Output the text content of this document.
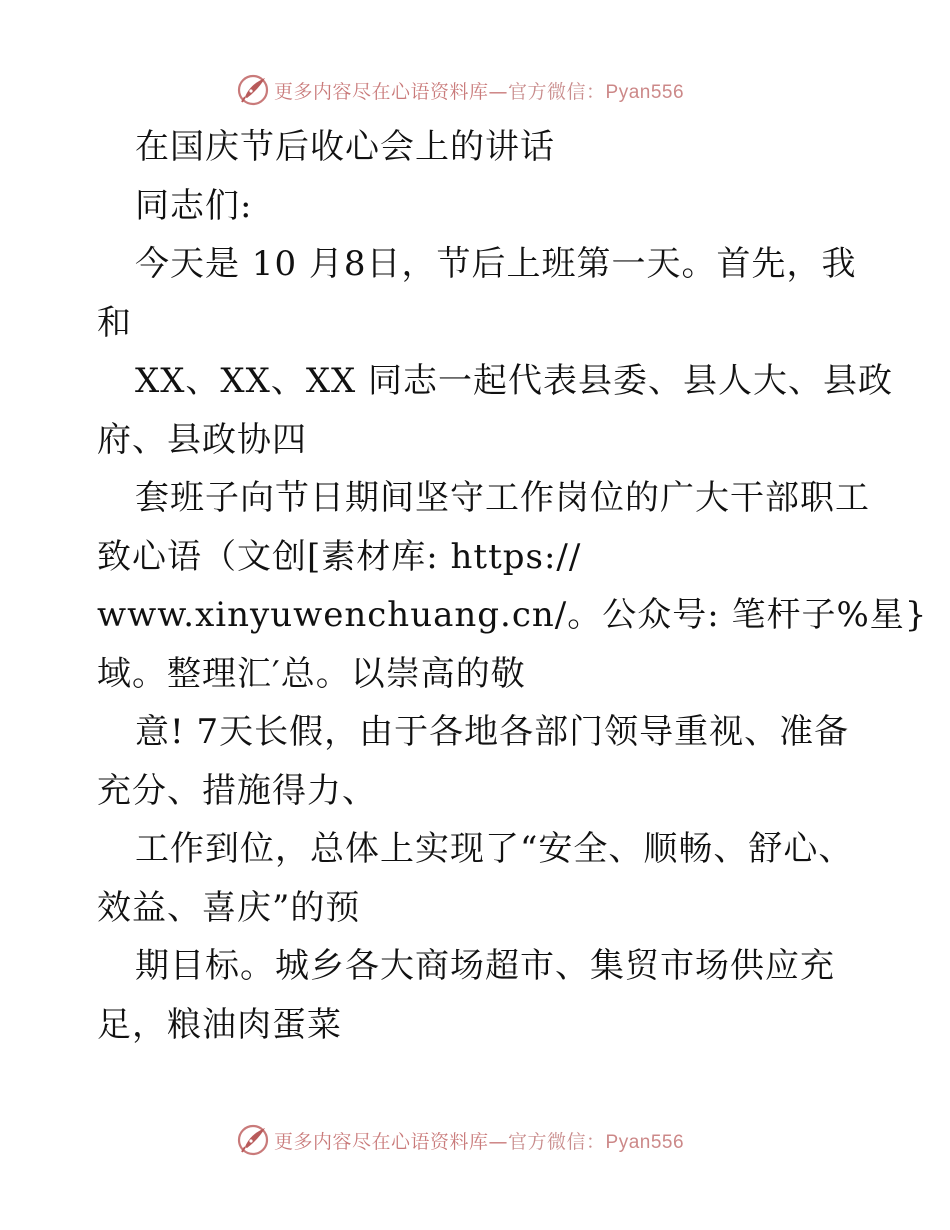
更多内容尽在心语资料库—官方微信：Pyan556
在国庆节后收心会上的讲话
同志们:
今天是 10 月8日，节后上班第一天。首先，我
和
XX、XX、XX 同志一起代表县委、县人大、县政
府、县政协四
套班子向节日期间坚守工作岗位的广大干部职工
致心语（文创[素材库: https://
www.xinyuwenchuang.cn/。公众号: 笔杆子%星}
域。整理汇′总。以崇高的敬
意! 7天长假，由于各地各部门领导重视、准备
充分、措施得力、
工作到位，总体上实现了“安全、顺畅、舒心、
效益、喜庆”的预
期目标。城乡各大商场超市、集贸市场供应充
足，粮油肉蛋菜
更多内容尽在心语资料库—官方微信：Pyan556
